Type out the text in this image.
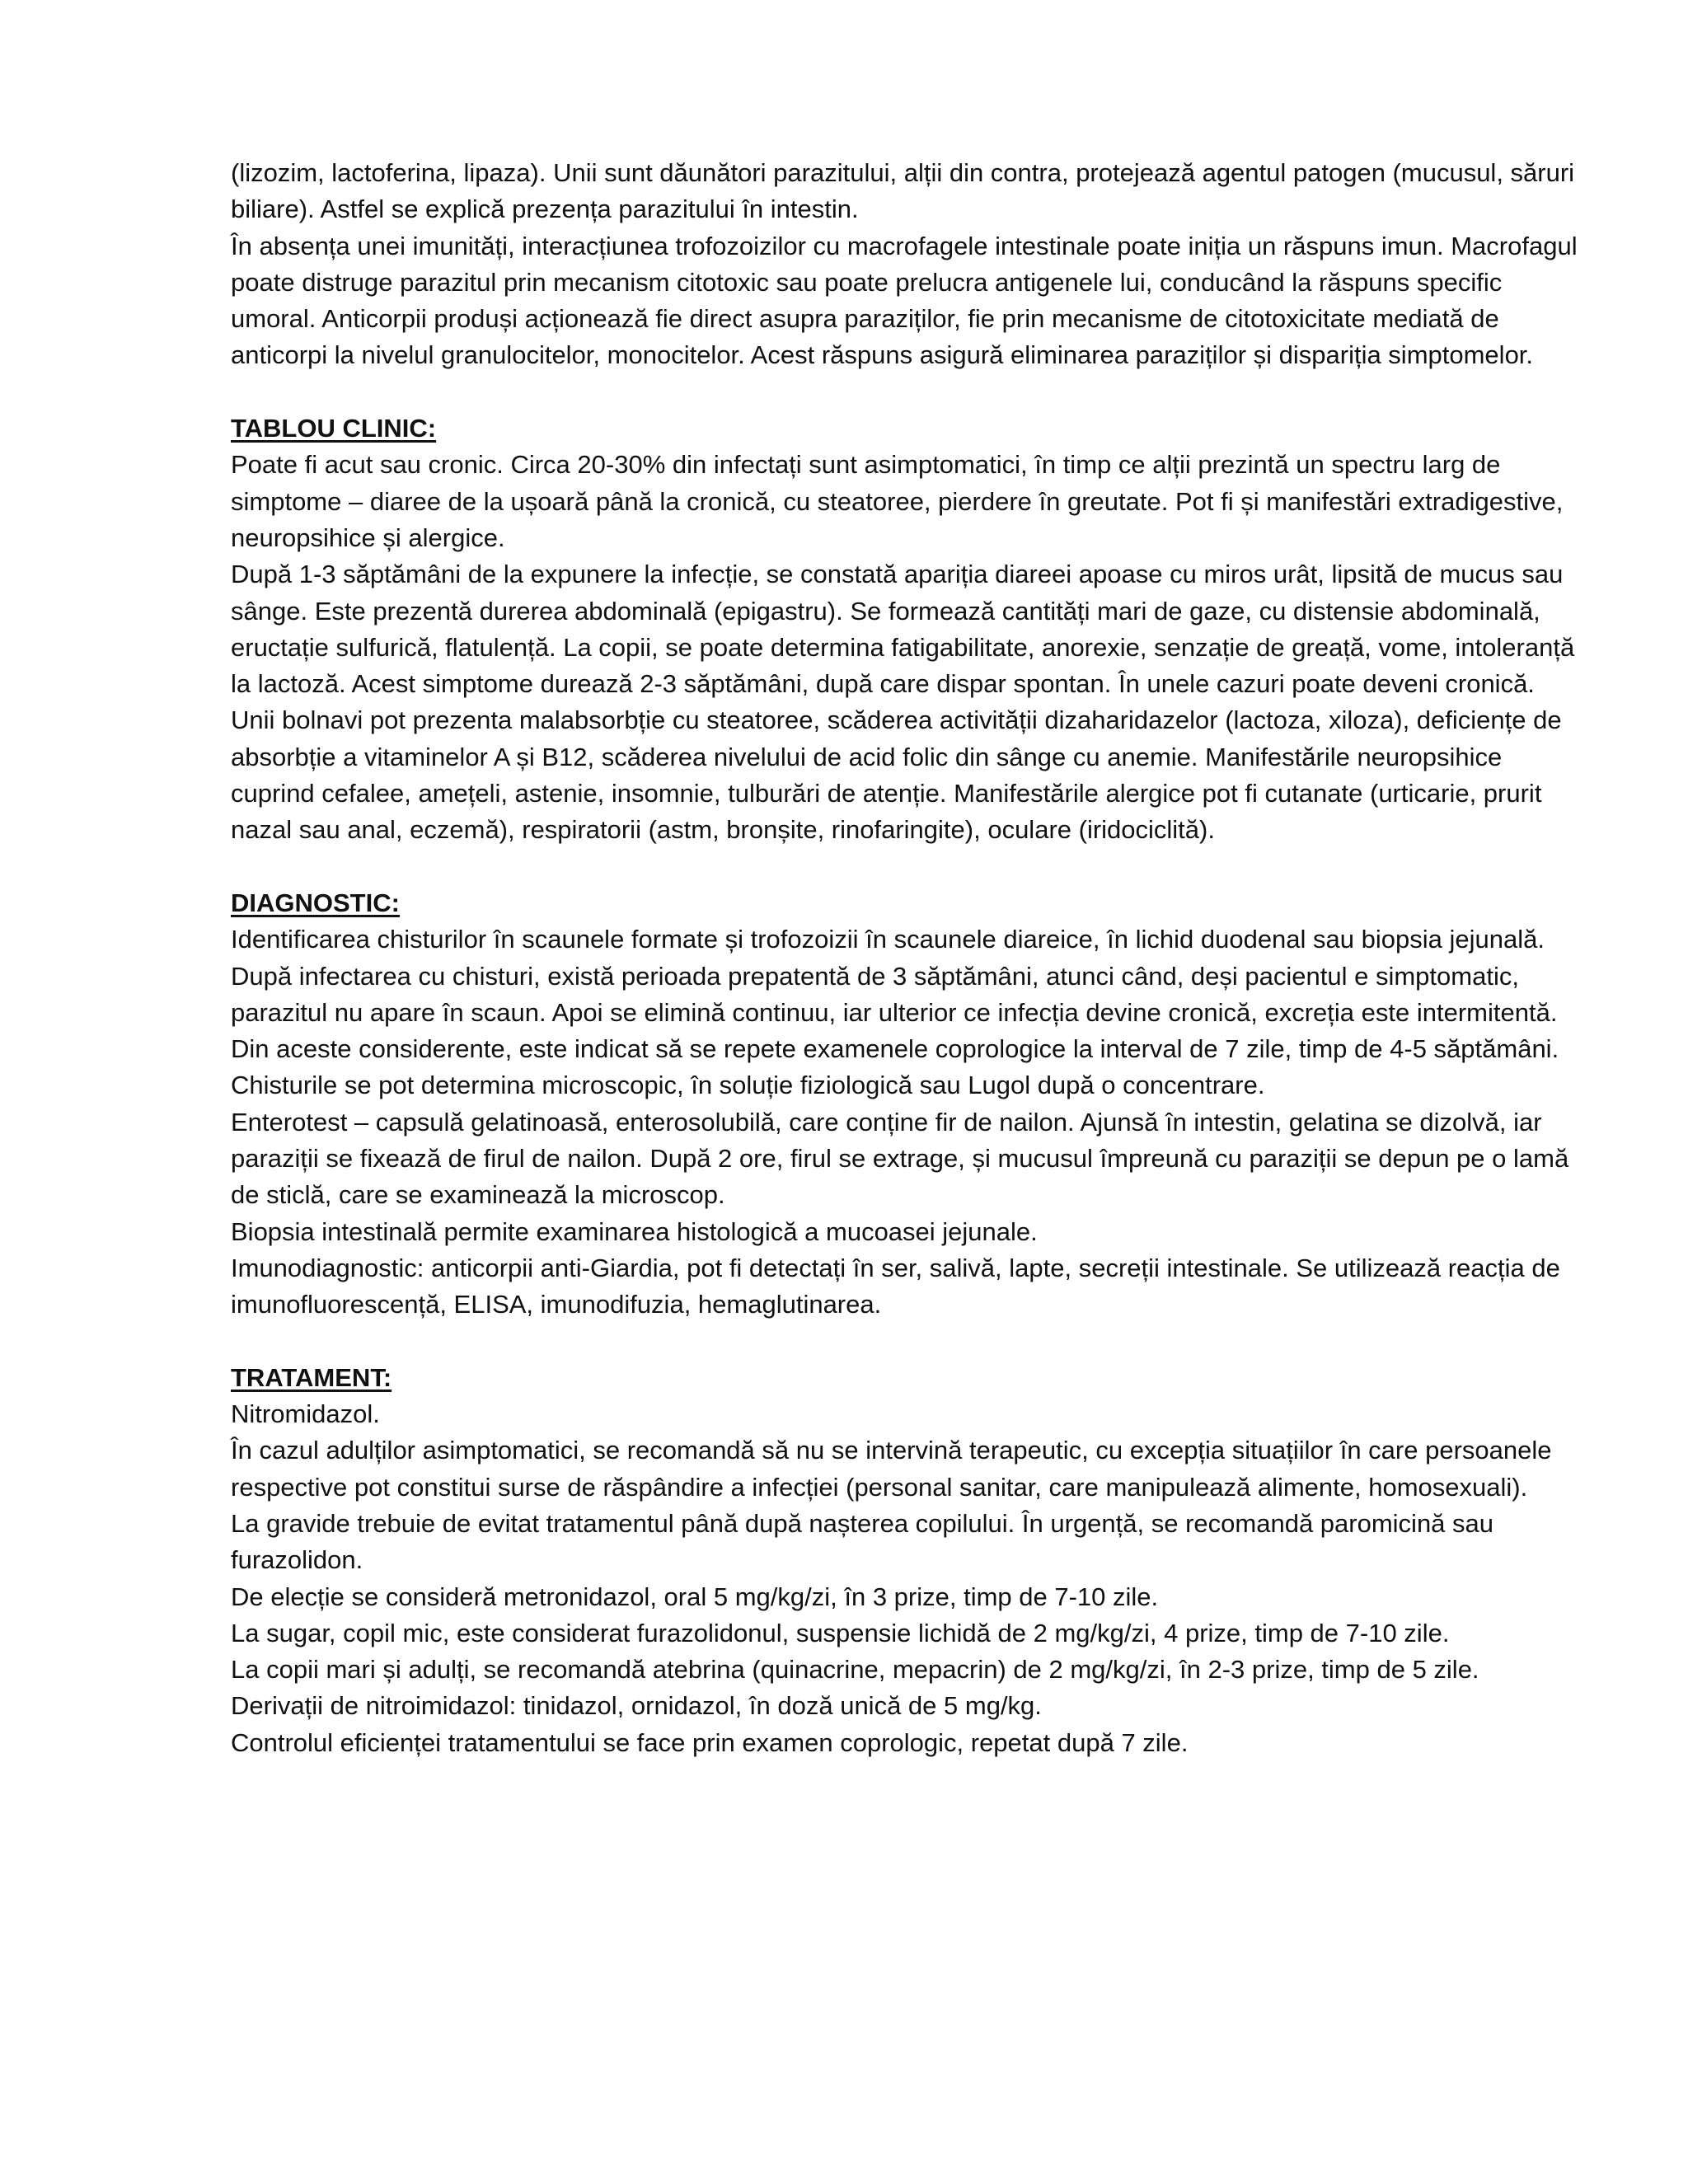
(lizozim, lactoferina, lipaza). Unii sunt dăunători parazitului, alții din contra, protejează agentul patogen (mucusul, săruri biliare). Astfel se explică prezența parazitului în intestin.

În absența unei imunități, interacțiunea trofozoizilor cu macrofagele intestinale poate iniția un răspuns imun. Macrofagul poate distruge parazitul prin mecanism citotoxic sau poate prelucra antigenele lui, conducând la răspuns specific umoral. Anticorpii produși acționează fie direct asupra paraziților, fie prin mecanisme de citotoxicitate mediată de anticorpi la nivelul granulocitelor, monocitelor. Acest răspuns asigură eliminarea paraziților și dispariția simptomelor.

TABLOU CLINIC:

Poate fi acut sau cronic. Circa 20-30% din infectați sunt asimptomatici, în timp ce alții prezintă un spectru larg de simptome – diaree de la ușoară până la cronică, cu steatoree, pierdere în greutate. Pot fi și manifestări extradigestive, neuropsihice și alergice.

După 1-3 săptămâni de la expunere la infecție, se constată apariția diareei apoase cu miros urât, lipsită de mucus sau sânge. Este prezentă durerea abdominală (epigastru). Se formează cantități mari de gaze, cu distensie abdominală, eructație sulfurică, flatulență. La copii, se poate determina fatigabilitate, anorexie, senzație de greață, vome, intoleranță la lactoză. Acest simptome durează 2-3 săptămâni, după care dispar spontan. În unele cazuri poate deveni cronică. Unii bolnavi pot prezenta malabsorbție cu steatoree, scăderea activității dizaharidazelor (lactoza, xiloza), deficiențe de absorbție a vitaminelor A și B12, scăderea nivelului de acid folic din sânge cu anemie. Manifestările neuropsihice cuprind cefalee, amețeli, astenie, insomnie, tulburări de atenție. Manifestările alergice pot fi cutanate (urticarie, prurit nazal sau anal, eczemă), respiratorii (astm, bronșite, rinofaringite), oculare (iridociclită).

DIAGNOSTIC:

Identificarea chisturilor în scaunele formate și trofozoizii în scaunele diareice, în lichid duodenal sau biopsia jejunală.

După infectarea cu chisturi, există perioada prepatentă de 3 săptămâni, atunci când, deși pacientul e simptomatic, parazitul nu apare în scaun. Apoi se elimină continuu, iar ulterior ce infecția devine cronică, excreția este intermitentă. Din aceste considerente, este indicat să se repete examenele coprologice la interval de 7 zile, timp de 4-5 săptămâni.

Chisturile se pot determina microscopic, în soluție fiziologică sau Lugol după o concentrare.

Enterotest – capsulă gelatinoasă, enterosolubilă, care conține fir de nailon. Ajunsă în intestin, gelatina se dizolvă, iar paraziții se fixează de firul de nailon. După 2 ore, firul se extrage, și mucusul împreună cu paraziții se depun pe o lamă de sticlă, care se examinează la microscop.

Biopsia intestinală permite examinarea histologică a mucoasei jejunale.

Imunodiagnostic: anticorpii anti-Giardia, pot fi detectați în ser, salivă, lapte, secreții intestinale. Se utilizează reacția de imunofluorescență, ELISA, imunodifuzia, hemaglutinarea.

TRATAMENT:

Nitromidazol.

În cazul adulților asimptomatici, se recomandă să nu se intervină terapeutic, cu excepția situațiilor în care persoanele respective pot constitui surse de răspândire a infecției (personal sanitar, care manipulează alimente, homosexuali).

La gravide trebuie de evitat tratamentul până după nașterea copilului. În urgență, se recomandă paromicină sau furazolidon.

De elecție se consideră metronidazol, oral 5 mg/kg/zi, în 3 prize, timp de 7-10 zile.

La sugar, copil mic, este considerat furazolidonul, suspensie lichidă de 2 mg/kg/zi, 4 prize, timp de 7-10 zile.

La copii mari și adulți, se recomandă atebrina (quinacrine, mepacrin) de 2 mg/kg/zi, în 2-3 prize, timp de 5 zile.

Derivații de nitroimidazol: tinidazol, ornidazol, în doză unică de 5 mg/kg.

Controlul eficienței tratamentului se face prin examen coprologic, repetat după 7 zile.
